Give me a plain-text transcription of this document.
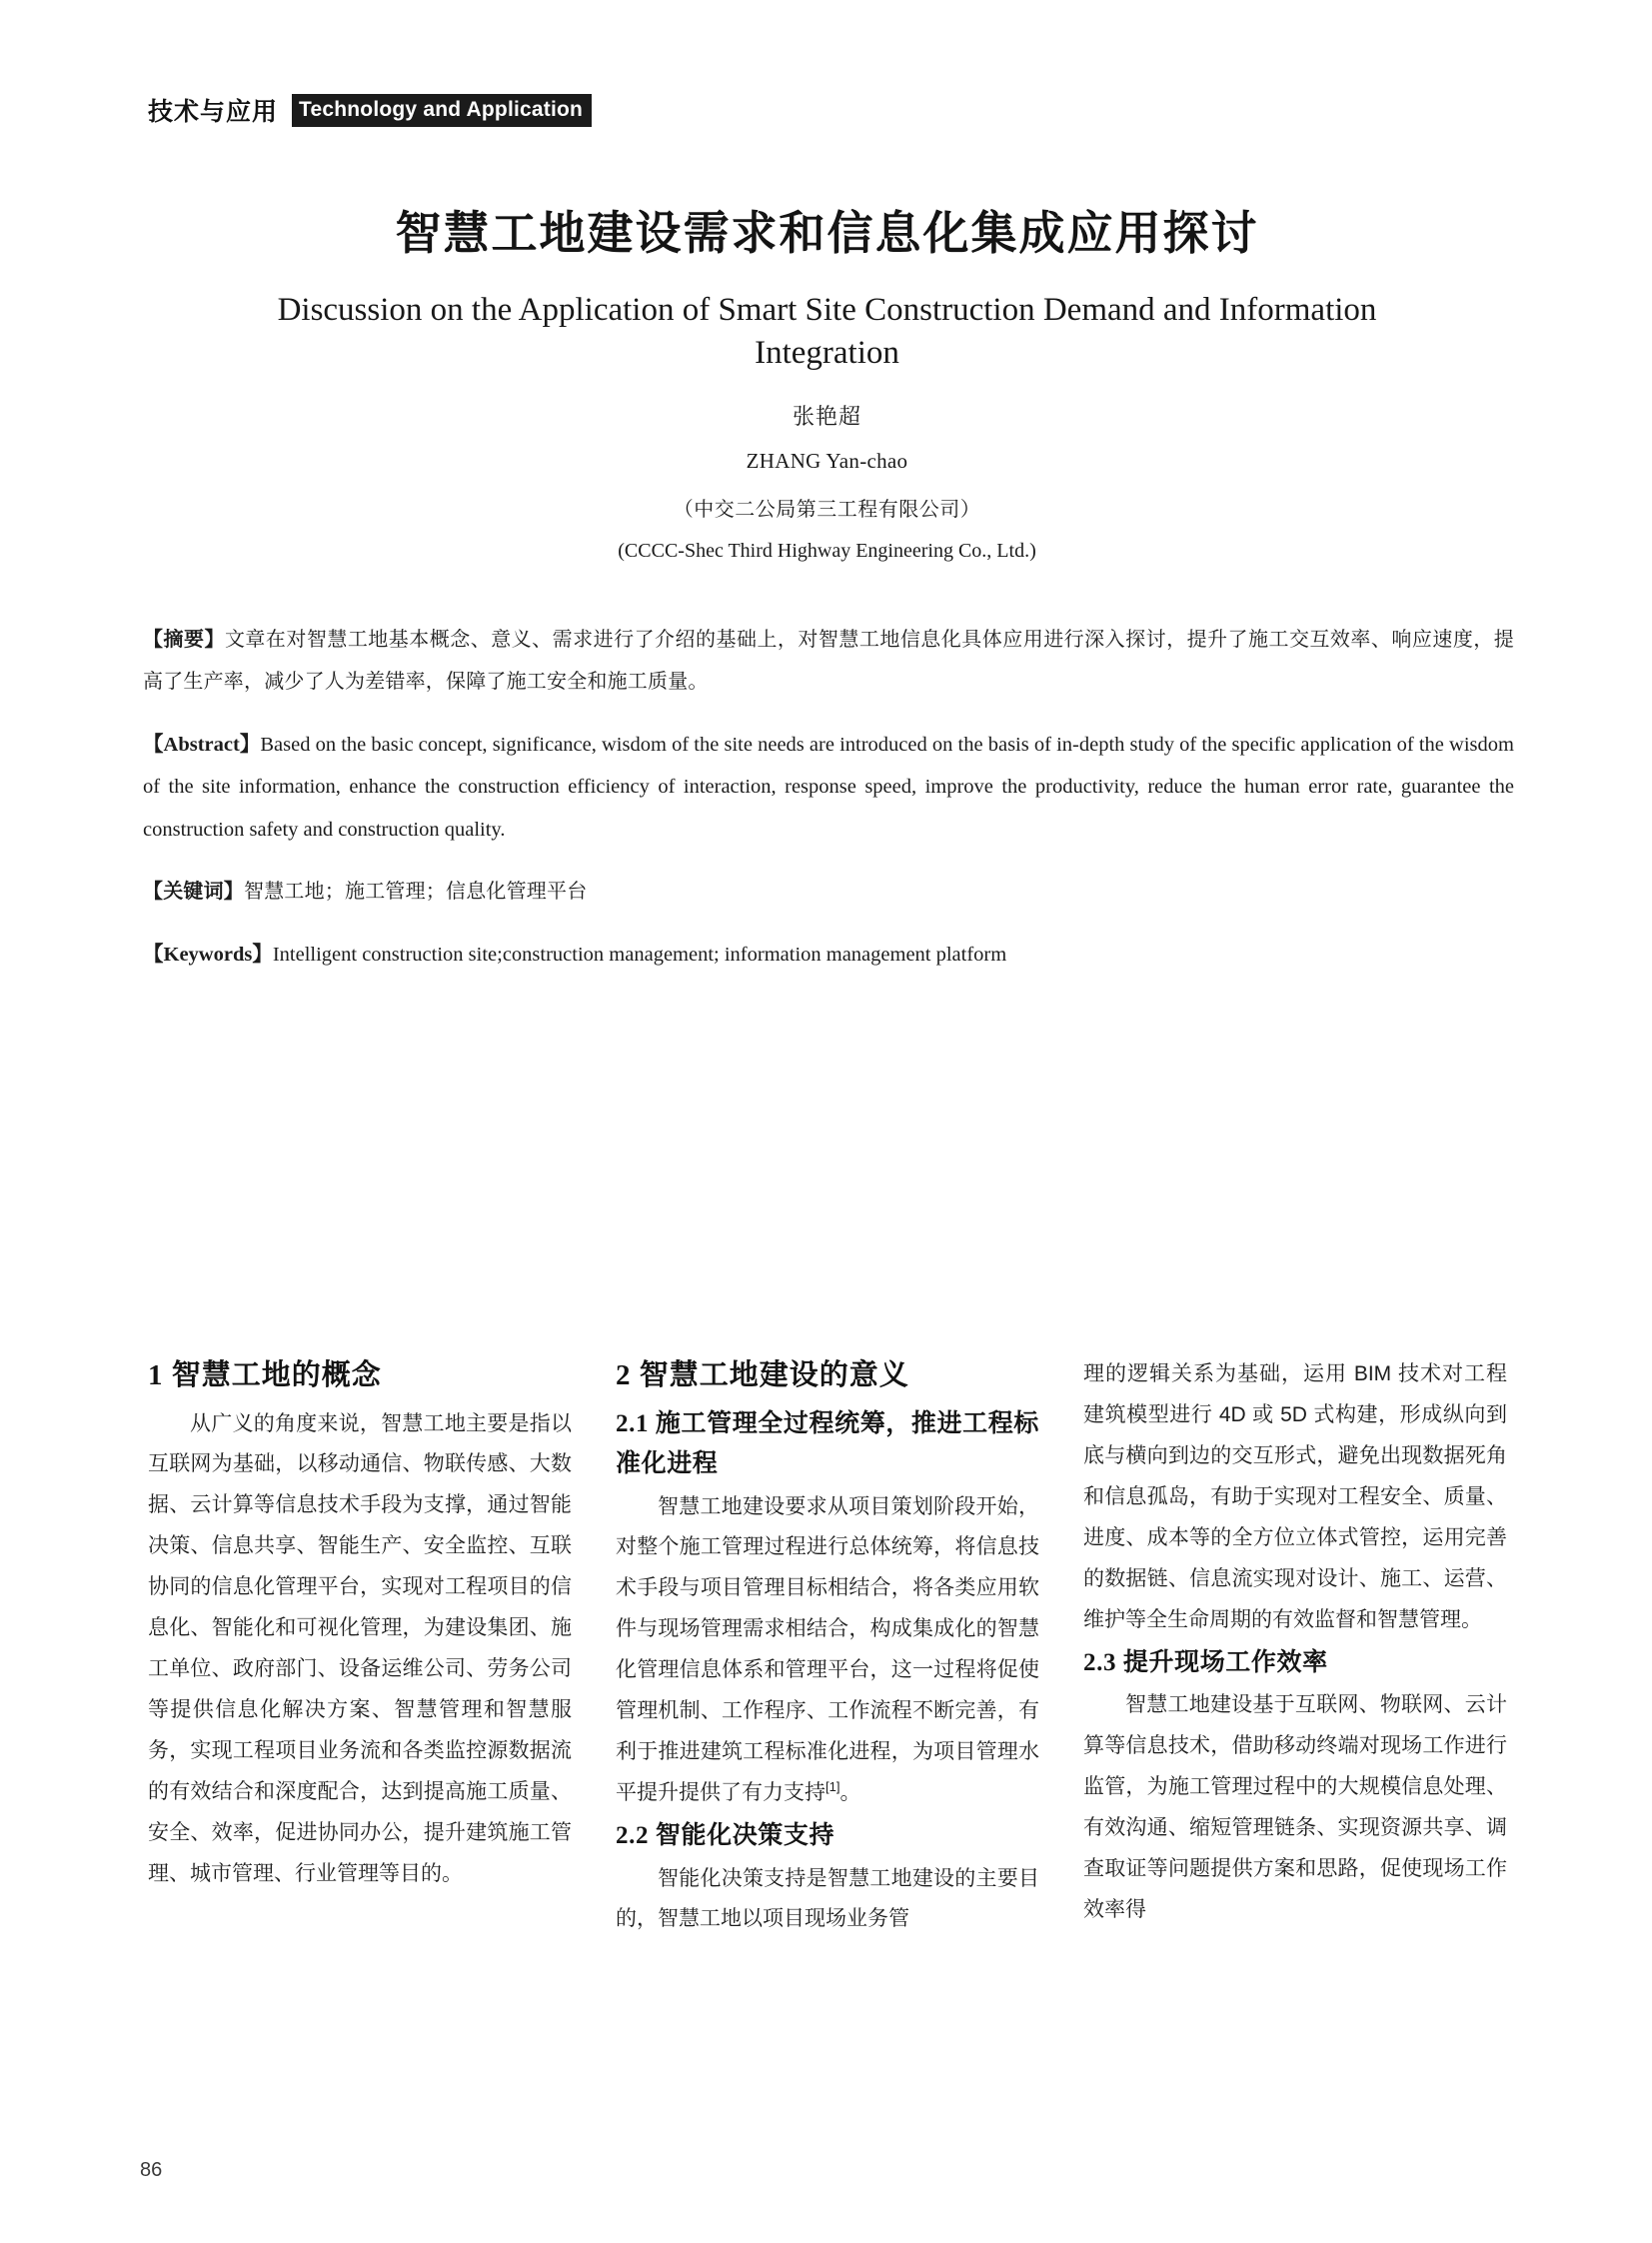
技术与应用	Technology and Application
智慧工地建设需求和信息化集成应用探讨
Discussion on the Application of Smart Site Construction Demand and Information Integration
张艳超
ZHANG Yan-chao
（中交二公局第三工程有限公司）
(CCCC-Shec Third Highway Engineering Co., Ltd.)

【摘要】文章在对智慧工地基本概念、意义、需求进行了介绍的基础上，对智慧工地信息化具体应用进行深入探讨，提升了施工交互效率、响应速度，提高了生产率，减少了人为差错率，保障了施工安全和施工质量。

【Abstract】Based on the basic concept, significance, wisdom of the site needs are introduced on the basis of in-depth study of the specific application of the wisdom of the site information, enhance the construction efficiency of interaction, response speed, improve the productivity, reduce the human error rate, guarantee the construction safety and construction quality.

【关键词】智慧工地；施工管理；信息化管理平台

【Keywords】Intelligent construction site;construction management; information management platform

1 智慧工地的概念

从广义的角度来说，智慧工地主要是指以互联网为基础，以移动通信、物联传感、大数据、云计算等信息技术手段为支撑，通过智能决策、信息共享、智能生产、安全监控、互联协同的信息化管理平台，实现对工程项目的信息化、智能化和可视化管理，为建设集团、施工单位、政府部门、设备运维公司、劳务公司等提供信息化解决方案、智慧管理和智慧服务，实现工程项目业务流和各类监控源数据流的有效结合和深度配合，达到提高施工质量、安全、效率，促进协同办公，提升建筑施工管理、城市管理、行业管理等目的。

2 智慧工地建设的意义
2.1 施工管理全过程统筹，推进工程标准化进程

智慧工地建设要求从项目策划阶段开始，对整个施工管理过程进行总体统筹，将信息技术手段与项目管理目标相结合，将各类应用软件与现场管理需求相结合，构成集成化的智慧化管理信息体系和管理平台，这一过程将促使管理机制、工作程序、工作流程不断完善，有利于推进建筑工程标准化进程，为项目管理水平提升提供了有力支持[1]。

2.2 智能化决策支持

智能化决策支持是智慧工地建设的主要目的，智慧工地以项目现场业务管

理的逻辑关系为基础，运用 BIM 技术对工程建筑模型进行 4D 或 5D 式构建，形成纵向到底与横向到边的交互形式，避免出现数据死角和信息孤岛，有助于实现对工程安全、质量、进度、成本等的全方位立体式管控，运用完善的数据链、信息流实现对设计、施工、运营、维护等全生命周期的有效监督和智慧管理。

2.3 提升现场工作效率

智慧工地建设基于互联网、物联网、云计算等信息技术，借助移动终端对现场工作进行监管，为施工管理过程中的大规模信息处理、有效沟通、缩短管理链条、实现资源共享、调查取证等问题提供方案和思路，促使现场工作效率得

86
